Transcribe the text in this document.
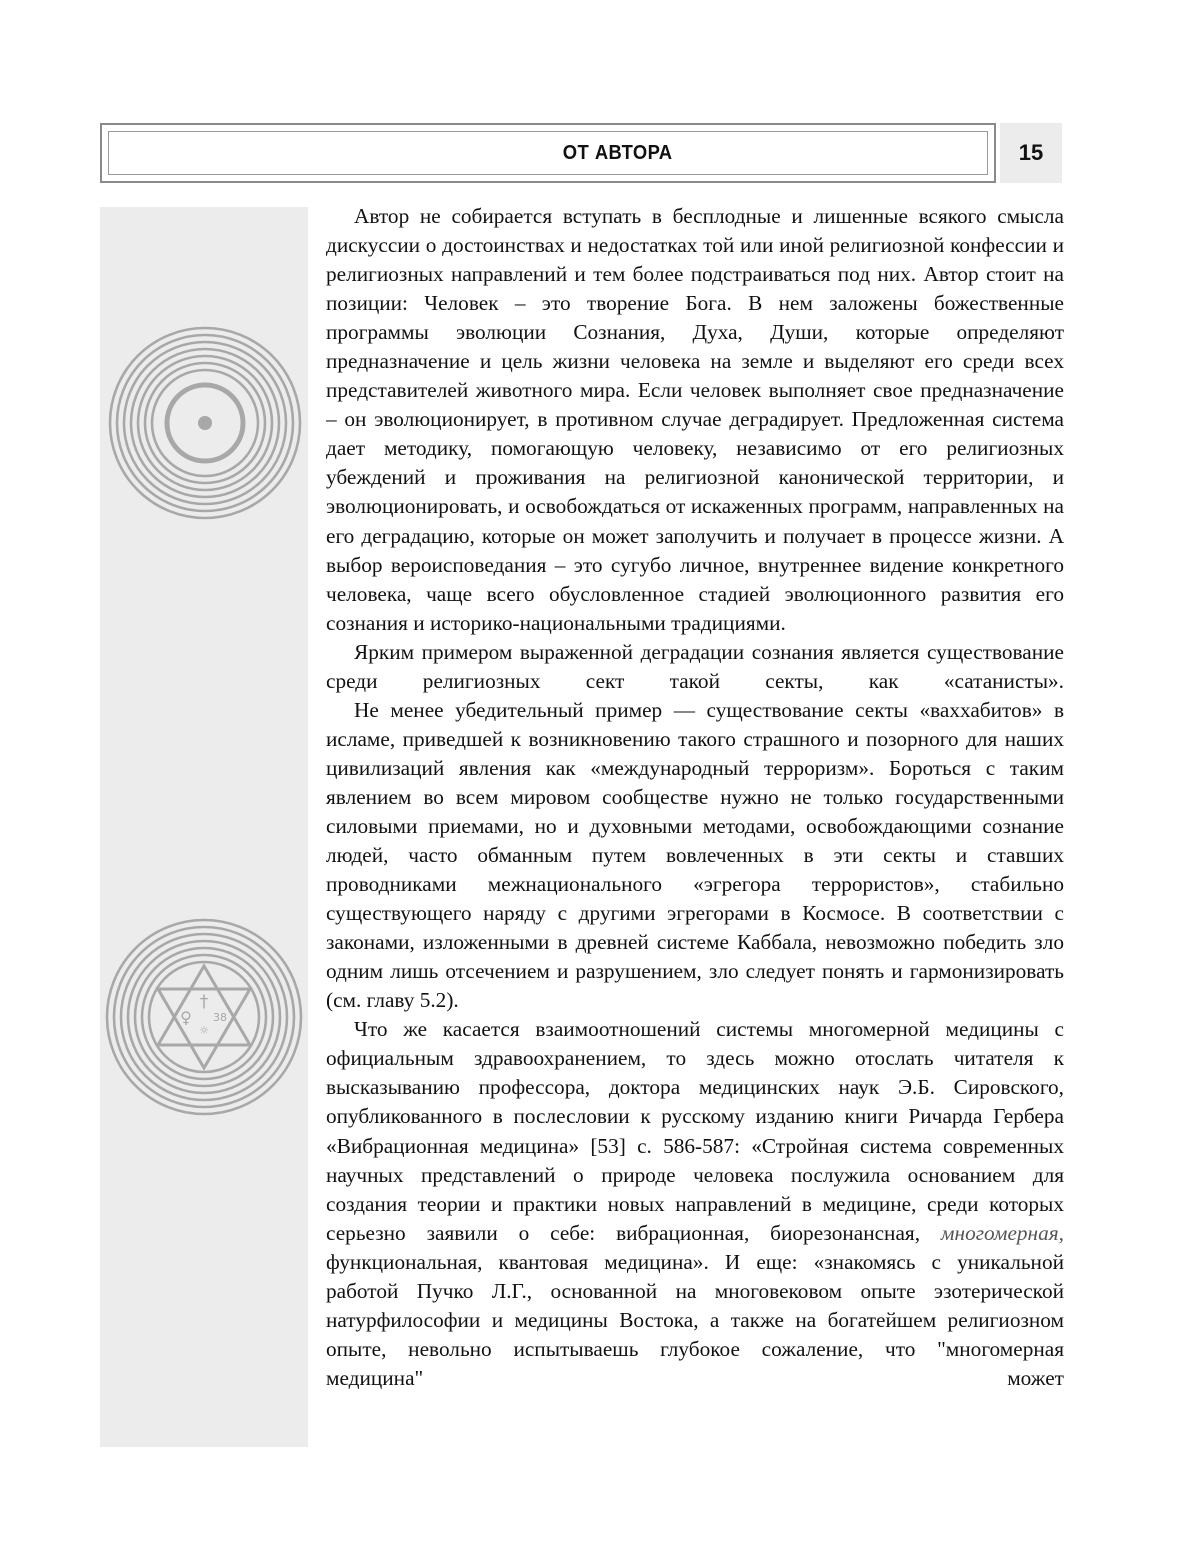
ОТ АВТОРА	15
†
♀ 38
☼

Автор не собирается вступать в бесплодные и лишенные всякого смысла дискуссии о достоинствах и недостатках той или иной религиозной конфессии и религиозных направлений и тем более подстраиваться под них. Автор стоит на позиции: Человек – это творение Бога. В нем заложены божественные программы эволюции Сознания, Духа, Души, которые определяют предназначение и цель жизни человека на земле и выделяют его среди всех представителей животного мира. Если человек выполняет свое предназначение – он эволюционирует, в противном случае деградирует. Предложенная система дает методику, помогающую человеку, независимо от его религиозных убеждений и проживания на религиозной канонической территории, и эволюционировать, и освобождаться от искаженных программ, направленных на его деградацию, которые он может заполучить и получает в процессе жизни. А выбор вероисповедания – это сугубо личное, внутреннее видение конкретного человека, чаще всего обусловленное стадией эволюционного развития его сознания и историко-национальными традициями.

Ярким примером выраженной деградации сознания является существование среди религиозных сект такой секты, как «сатанисты».

Не менее убедительный пример — существование секты «ваххабитов» в исламе, приведшей к возникновению такого страшного и позорного для наших цивилизаций явления как «международный терроризм». Бороться с таким явлением во всем мировом сообществе нужно не только государственными силовыми приемами, но и духовными методами, освобождающими сознание людей, часто обманным путем вовлеченных в эти секты и ставших проводниками межнационального «эгрегора террористов», стабильно существующего наряду с другими эгрегорами в Космосе. В соответствии с законами, изложенными в древней системе Каббала, невозможно победить зло одним лишь отсечением и разрушением, зло следует понять и гармонизировать (см. главу 5.2).

Что же касается взаимоотношений системы многомерной медицины с официальным здравоохранением, то здесь можно отослать читателя к высказыванию профессора, доктора медицинских наук Э.Б. Сировского, опубликованного в послесловии к русскому изданию книги Ричарда Гербера «Вибрационная медицина» [53] с. 586-587: «Стройная система современных научных представлений о природе человека послужила основанием для создания теории и практики новых направлений в медицине, среди которых серьезно заявили о себе: вибрационная, биорезонансная, многомерная, функциональная, квантовая медицина». И еще: «знакомясь с уникальной работой Пучко Л.Г., основанной на многовековом опыте эзотерической натурфилософии и медицины Востока, а также на богатейшем религиозном опыте, невольно испытываешь глубокое сожаление, что "многомерная медицина" может
